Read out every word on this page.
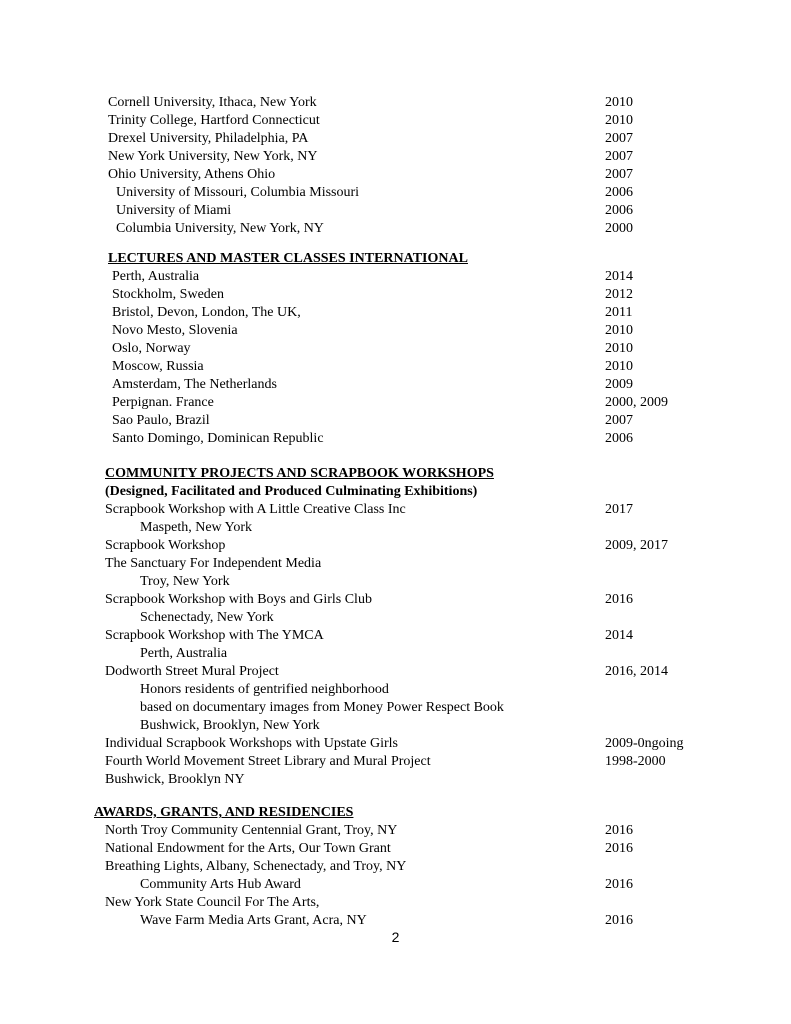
Cornell University, Ithaca, New York	2010
Trinity College, Hartford Connecticut	2010
Drexel University, Philadelphia, PA	2007
New York University, New York, NY	2007
Ohio University, Athens Ohio	2007
University of Missouri, Columbia Missouri	2006
University of Miami	2006
Columbia University, New York, NY	2000
LECTURES AND MASTER CLASSES INTERNATIONAL
Perth, Australia	2014
Stockholm, Sweden	2012
Bristol, Devon, London, The UK,	2011
Novo Mesto, Slovenia	2010
Oslo, Norway	2010
Moscow, Russia	2010
Amsterdam, The Netherlands	2009
Perpignan. France	2000, 2009
Sao Paulo, Brazil	2007
Santo Domingo, Dominican Republic	2006
COMMUNITY PROJECTS AND SCRAPBOOK WORKSHOPS
(Designed, Facilitated and Produced Culminating Exhibitions)
Scrapbook Workshop with A Little Creative Class Inc	2017
Maspeth, New York
Scrapbook Workshop	2009, 2017
The Sanctuary For Independent Media
Troy, New York
Scrapbook Workshop with Boys and Girls Club	2016
Schenectady, New York
Scrapbook Workshop with The YMCA	2014
Perth, Australia
Dodworth Street Mural Project	2016, 2014
Honors residents of gentrified neighborhood
based on documentary images from Money Power Respect Book
Bushwick, Brooklyn, New York
Individual Scrapbook Workshops with Upstate Girls	2009-0ngoing
Fourth World Movement Street Library and Mural Project	1998-2000
Bushwick, Brooklyn NY
AWARDS, GRANTS, AND RESIDENCIES
North Troy Community Centennial Grant, Troy, NY	2016
National Endowment for the Arts, Our Town Grant	2016
Breathing Lights, Albany, Schenectady, and Troy, NY
Community Arts Hub Award	2016
New York State Council For The Arts,
Wave Farm Media Arts Grant, Acra, NY	2016
2
